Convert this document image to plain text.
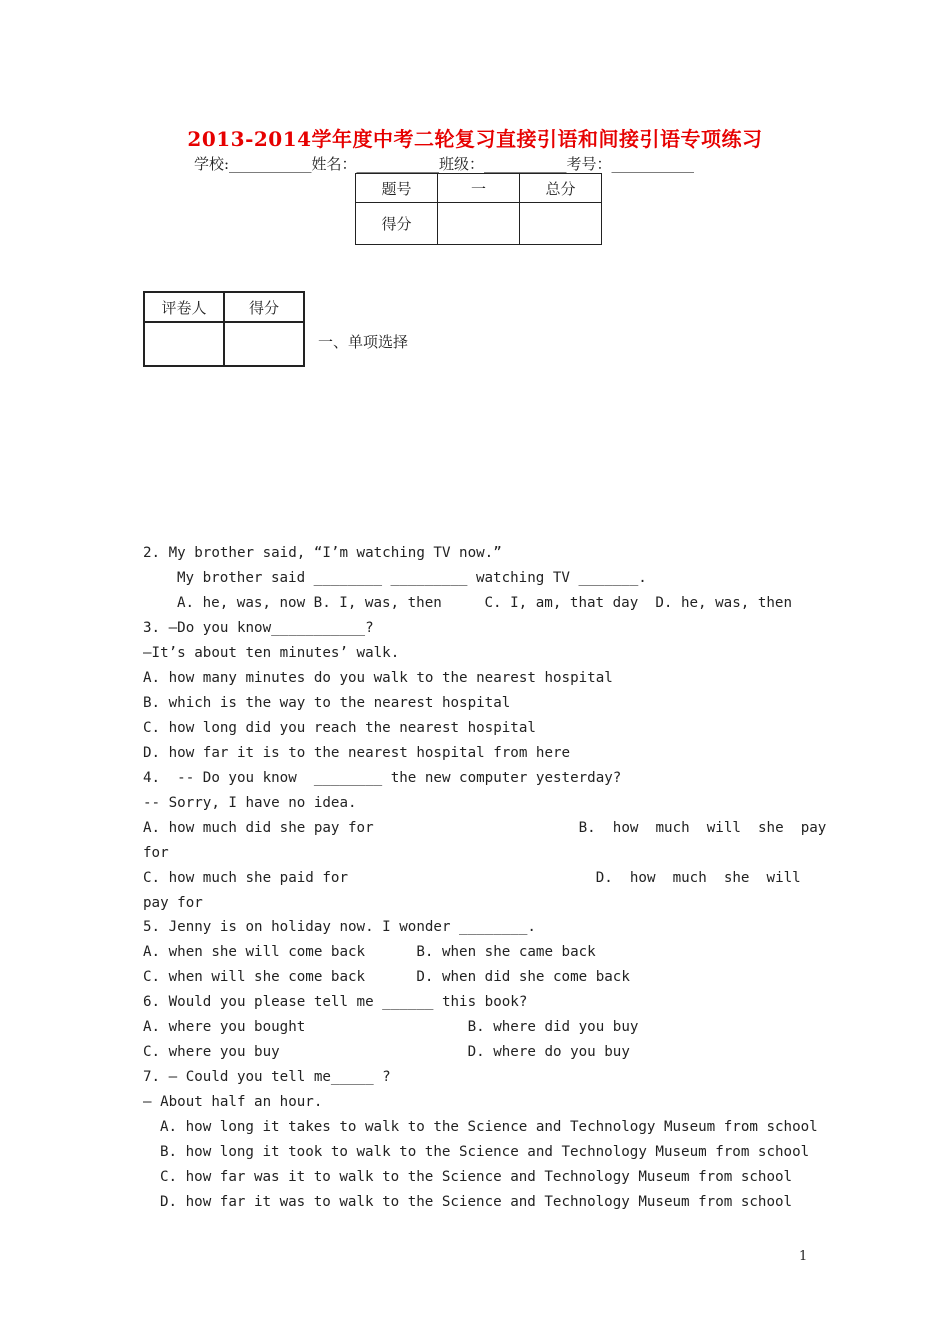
2013-2014学年度中考二轮复习直接引语和间接引语专项练习
学校:___________姓名：___________班级：___________考号：___________
题号	一	总分
得分		
评卷人	得分

一、单项选择
2. My brother said, “I’m watching TV now.”
My brother said ________ _________ watching TV _______.
A. he, was, now B. I, was, then     C. I, am, that day  D. he, was, then
3. —Do you know___________?
—It’s about ten minutes’ walk.
A. how many minutes do you walk to the nearest hospital
B. which is the way to the nearest hospital
C. how long did you reach the nearest hospital
D. how far it is to the nearest hospital from here
4.  -- Do you know  ________ the new computer yesterday?
-- Sorry, I have no idea.
A. how much did she pay for                        B.  how  much  will  she  pay
for
C. how much she paid for                             D.  how  much  she  will
pay for
5. Jenny is on holiday now. I wonder ________.
A. when she will come back      B. when she came back
C. when will she come back      D. when did she come back
6. Would you please tell me ______ this book?
A. where you bought                   B. where did you buy
C. where you buy                      D. where do you buy
7. — Could you tell me_____ ?
— About half an hour.
A. how long it takes to walk to the Science and Technology Museum from school
B. how long it took to walk to the Science and Technology Museum from school
C. how far was it to walk to the Science and Technology Museum from school
D. how far it was to walk to the Science and Technology Museum from school
1
